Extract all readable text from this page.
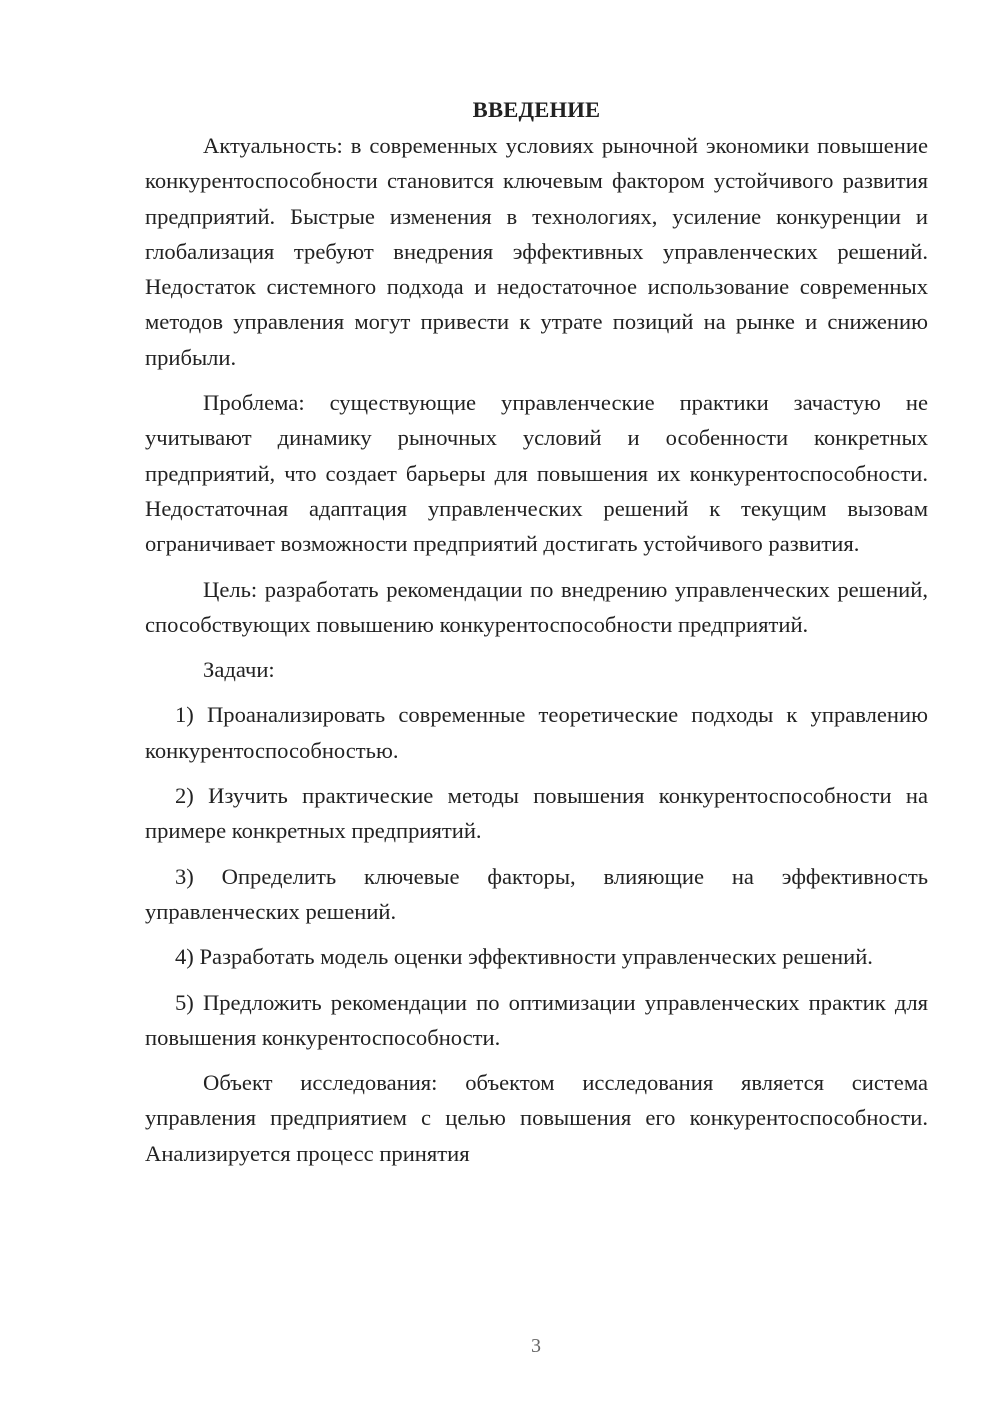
ВВЕДЕНИЕ

Актуальность: в современных условиях рыночной экономики повышение конкурентоспособности становится ключевым фактором устойчивого развития предприятий. Быстрые изменения в технологиях, усиление конкуренции и глобализация требуют внедрения эффективных управленческих решений. Недостаток системного подхода и недостаточное использование современных методов управления могут привести к утрате позиций на рынке и снижению прибыли.

Проблема: существующие управленческие практики зачастую не учитывают динамику рыночных условий и особенности конкретных предприятий, что создает барьеры для повышения их конкурентоспособности. Недостаточная адаптация управленческих решений к текущим вызовам ограничивает возможности предприятий достигать устойчивого развития.

Цель: разработать рекомендации по внедрению управленческих решений, способствующих повышению конкурентоспособности предприятий.

Задачи:

1) Проанализировать современные теоретические подходы к управлению конкурентоспособностью.

2) Изучить практические методы повышения конкурентоспособности на примере конкретных предприятий.

3) Определить ключевые факторы, влияющие на эффективность управленческих решений.

4) Разработать модель оценки эффективности управленческих решений.

5) Предложить рекомендации по оптимизации управленческих практик для повышения конкурентоспособности.

Объект исследования: объектом исследования является система управления предприятием с целью повышения его конкурентоспособности. Анализируется процесс принятия

3
